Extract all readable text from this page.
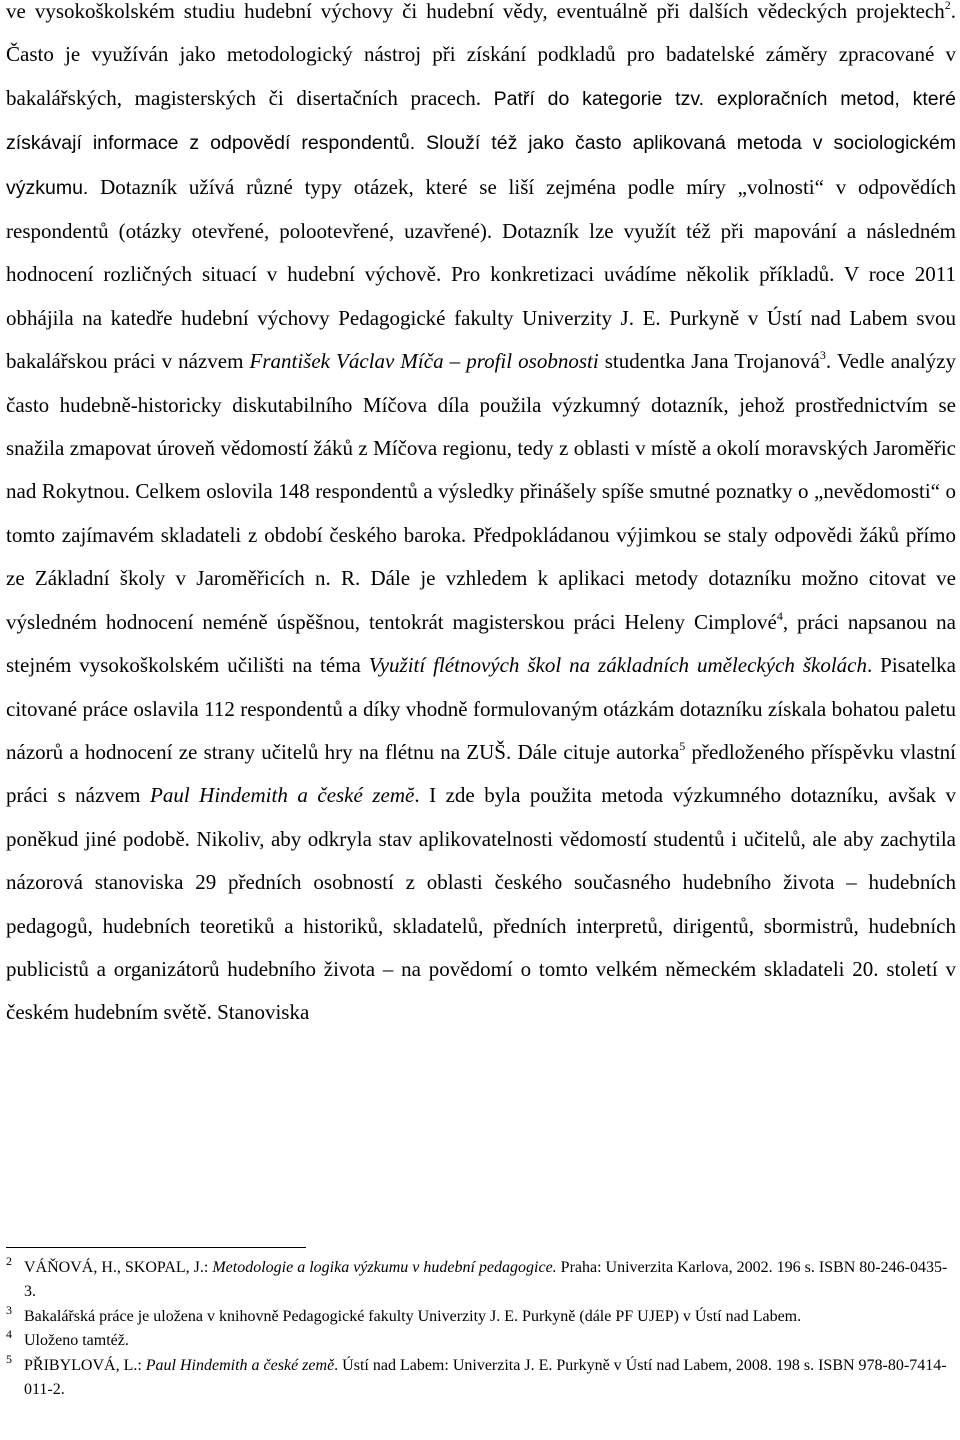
ve vysokoškolském studiu hudební výchovy či hudební vědy, eventuálně při dalších vědeckých projektech$^2$. Často je využíván jako metodologický nástroj při získání podkladů pro badatelské záměry zpracované v bakalářských, magisterských či disertačních pracech. Patří do kategorie tzv. exploračních metod, které získávají informace z odpovědí respondentů. Slouží též jako často aplikovaná metoda v sociologickém výzkumu. Dotazník užívá různé typy otázek, které se liší zejména podle míry „volnosti“ v odpovědích respondentů (otázky otevřené, polootevřené, uzavřené). Dotazník lze využít též při mapování a následném hodnocení rozličných situací v hudební výchově. Pro konkretizaci uvádíme několik příkladů. V roce 2011 obhájila na katedře hudební výchovy Pedagogické fakulty Univerzity J. E. Purkyně v Ústí nad Labem svou bakalářskou práci v názvem František Václav Míča – profil osobnosti studentka Jana Trojanová$^3$. Vedle analýzy často hudebně-historicky diskutabilního Míčova díla použila výzkumný dotazník, jehož prostřednictvím se snažila zmapovat úroveň vědomostí žáků z Míčova regionu, tedy z oblasti v místě a okolí moravských Jaroměřic nad Rokytnou. Celkem oslovila 148 respondentů a výsledky přinášely spíše smutné poznatky o „nevědomosti“ o tomto zajímavém skladateli z období českého baroka. Předpokládanou výjimkou se staly odpovědi žáků přímo ze Základní školy v Jaroměřicích n. R. Dále je vzhledem k aplikaci metody dotazníku možno citovat ve výsledném hodnocení neméně úspěšnou, tentokrát magisterskou práci Heleny Cimplové$^4$, práci napsanou na stejném vysokoškolském učilišti na téma Využití flétnových škol na základních uměleckých školách. Pisatelka citované práce oslavila 112 respondentů a díky vhodně formulovaným otázkám dotazníku získala bohatou paletu názorů a hodnocení ze strany učitelů hry na flétnu na ZUŠ. Dále cituje autorka$^5$ předloženého příspěvku vlastní práci s názvem Paul Hindemith a české zemĕ. I zde byla použita metoda výzkumného dotazníku, avšak v poněkud jiné podobě. Nikoliv, aby odkryla stav aplikovatelnosti vědomostí studentů i učitelů, ale aby zachytila názorová stanoviska 29 předních osobností z oblasti českého současného hudebního života – hudebních pedagogů, hudebních teoretiků a historiků, skladatelů, předních interpretů, dirigentů, sbormistrů, hudebních publicistů a organizátorů hudebního života – na povědomí o tomto velkém německém skladateli 20. století v českém hudebním světě. Stanoviska

2 VÁŇOVÁ, H., SKOPAL, J.: Metodologie a logika výzkumu v hudební pedagogice. Praha: Univerzita Karlova, 2002. 196 s. ISBN 80-246-0435-3.
3 Bakalářská práce je uložena v knihovně Pedagogické fakulty Univerzity J. E. Purkyně (dále PF UJEP) v Ústí nad Labem.
4 Uloženo tamtéž.
5 PŘIBYLOVÁ, L.: Paul Hindemith a české země. Ústí nad Labem: Univerzita J. E. Purkyně v Ústí nad Labem, 2008. 198 s. ISBN 978-80-7414-011-2.
